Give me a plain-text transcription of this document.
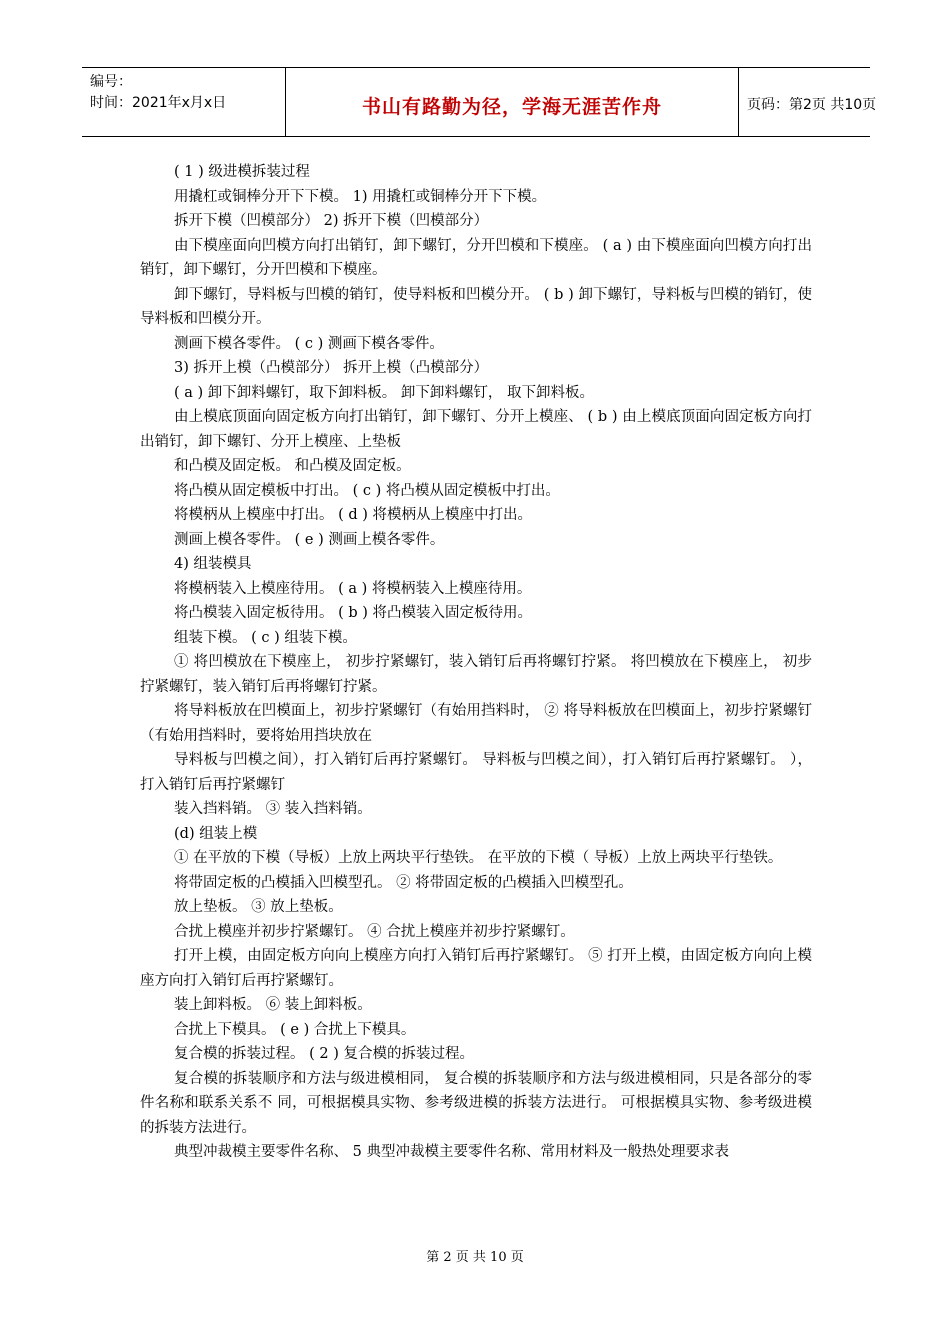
编号：
时间：2021年x月x日	书山有路勤为径，学海无涯苦作舟	页码：第2页 共10页

( 1 ) 级进模拆装过程

用撬杠或铜棒分开下下模。 1) 用撬杠或铜棒分开下下模。

拆开下模（凹模部分） 2) 拆开下模（凹模部分）

由下模座面向凹模方向打出销钉，卸下螺钉，分开凹模和下模座。 ( a ) 由下模座面向凹模方向打出销钉，卸下螺钉，分开凹模和下模座。

卸下螺钉，导料板与凹模的销钉，使导料板和凹模分开。 ( b ) 卸下螺钉，导料板与凹模的销钉，使导料板和凹模分开。

测画下模各零件。 ( c ) 测画下模各零件。

3) 拆开上模（凸模部分） 拆开上模（凸模部分）

( a ) 卸下卸料螺钉，取下卸料板。 卸下卸料螺钉， 取下卸料板。

由上模底顶面向固定板方向打出销钉，卸下螺钉、分开上模座、 ( b ) 由上模底顶面向固定板方向打出销钉，卸下螺钉、分开上模座、上垫板

和凸模及固定板。 和凸模及固定板。

将凸模从固定模板中打出。 ( c ) 将凸模从固定模板中打出。

将模柄从上模座中打出。 ( d ) 将模柄从上模座中打出。

测画上模各零件。 ( e ) 测画上模各零件。

4) 组装模具

将模柄装入上模座待用。 ( a ) 将模柄装入上模座待用。

将凸模装入固定板待用。 ( b ) 将凸模装入固定板待用。

组装下模。 ( c ) 组装下模。

① 将凹模放在下模座上， 初步拧紧螺钉，装入销钉后再将螺钉拧紧。 将凹模放在下模座上， 初步拧紧螺钉，装入销钉后再将螺钉拧紧。

将导料板放在凹模面上，初步拧紧螺钉（有始用挡料时， ② 将导料板放在凹模面上，初步拧紧螺钉（有始用挡料时，要将始用挡块放在

导料板与凹模之间），打入销钉后再拧紧螺钉。 导料板与凹模之间），打入销钉后再拧紧螺钉。 ），打入销钉后再拧紧螺钉

装入挡料销。 ③ 装入挡料销。

(d) 组装上模

① 在平放的下模（导板）上放上两块平行垫铁。 在平放的下模（ 导板）上放上两块平行垫铁。

将带固定板的凸模插入凹模型孔。 ② 将带固定板的凸模插入凹模型孔。

放上垫板。 ③ 放上垫板。

合扰上模座并初步拧紧螺钉。 ④ 合扰上模座并初步拧紧螺钉。

打开上模，由固定板方向向上模座方向打入销钉后再拧紧螺钉。 ⑤ 打开上模，由固定板方向向上模座方向打入销钉后再拧紧螺钉。

装上卸料板。 ⑥ 装上卸料板。

合扰上下模具。 ( e ) 合扰上下模具。

复合模的拆装过程。 ( 2 ) 复合模的拆装过程。

复合模的拆装顺序和方法与级进模相同， 复合模的拆装顺序和方法与级进模相同，只是各部分的零件名称和联系关系不 同，可根据模具实物、参考级进模的拆装方法进行。 可根据模具实物、参考级进模的拆装方法进行。

典型冲裁模主要零件名称、 5 典型冲裁模主要零件名称、常用材料及一般热处理要求表

第 2 页 共 10 页
